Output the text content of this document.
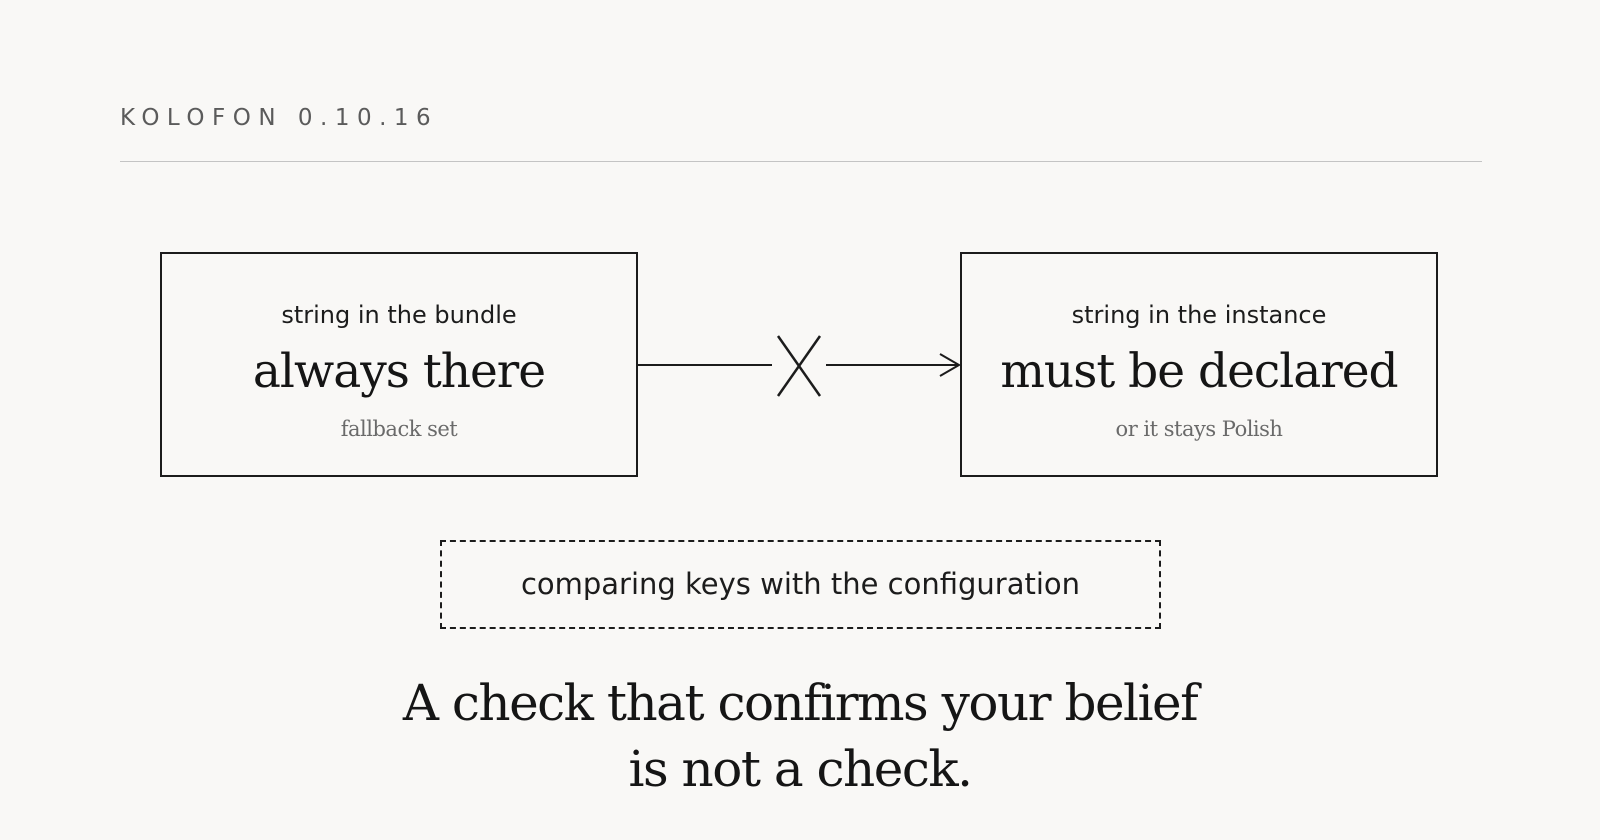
KOLOFON 0.10.16
string in the bundle
always there
fallback set
string in the instance
must be declared
or it stays Polish
comparing keys with the configuration
A check that confirms your belief
is not a check.
